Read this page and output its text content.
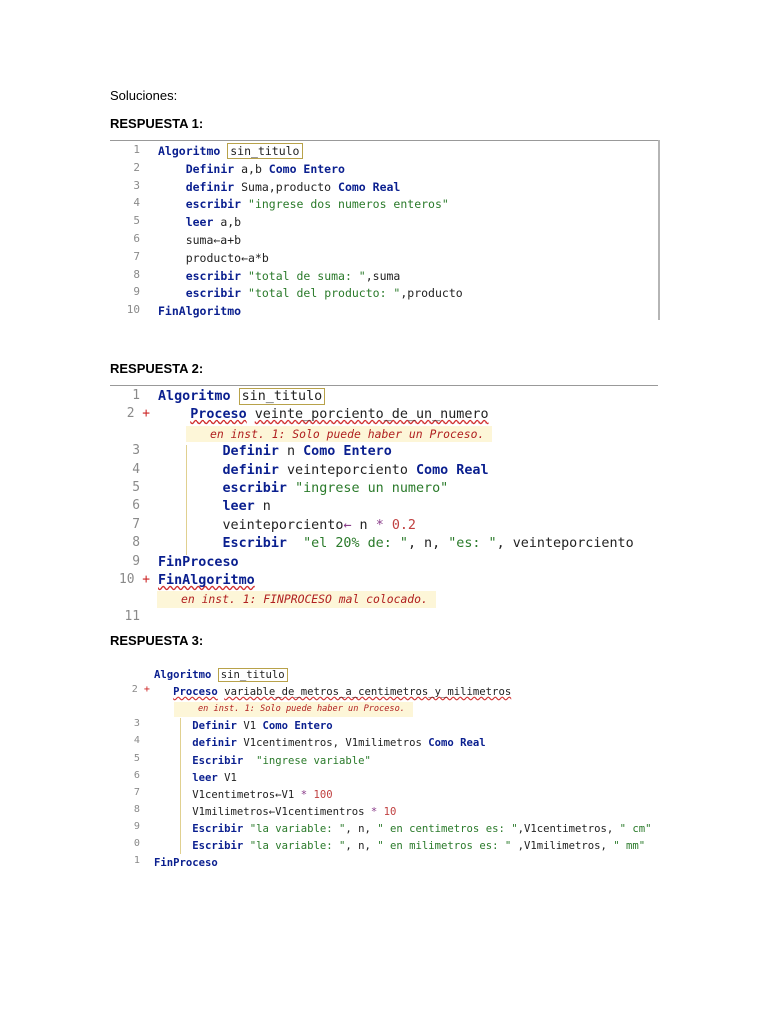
Soluciones:
RESPUESTA 1:
1 Algoritmo sin_titulo
2	Definir a,b Como Entero
3	definir Suma,producto Como Real
4	escribir "ingrese dos numeros enteros"
5	leer a,b
6 suma←a+b
7 producto←a*b
8	escribir "total de suma: ",suma
9	escribir "total del producto: ",producto
10 FinAlgoritmo
RESPUESTA 2:
1 Algoritmo sin_titulo
2 +	Proceso veinte_porciento_de_un_numero
en inst. 1: Solo puede haber un Proceso.
3	Definir n Como Entero
4	definir veinteporciento Como Real
5	escribir "ingrese un numero"
6	leer n
7 veinteporciento← n * 0.2
8	Escribir "el 20% de: ", n, "es: ", veinteporciento
9 FinProceso
10 + FinAlgoritmo
en inst. 1: FINPROCESO mal colocado.
11
RESPUESTA 3:
Algoritmo sin_titulo
2 +	Proceso variable_de_metros_a_centimetros_y_milimetros
en inst. 1: Solo puede haber un Proceso.
3	Definir V1 Como Entero
4	definir V1centimentros, V1milimetros Como Real
5	Escribir "ingrese variable"
6	leer V1
7 V1centimetros←V1 * 100
8 V1milimetros←V1centimentros * 10
9	Escribir "la variable: ", n, " en centimetros es: ",V1centimetros, " cm"
0	Escribir "la variable: ", n, " en milimetros es: " ,V1milimetros, " mm"
1 FinProceso
